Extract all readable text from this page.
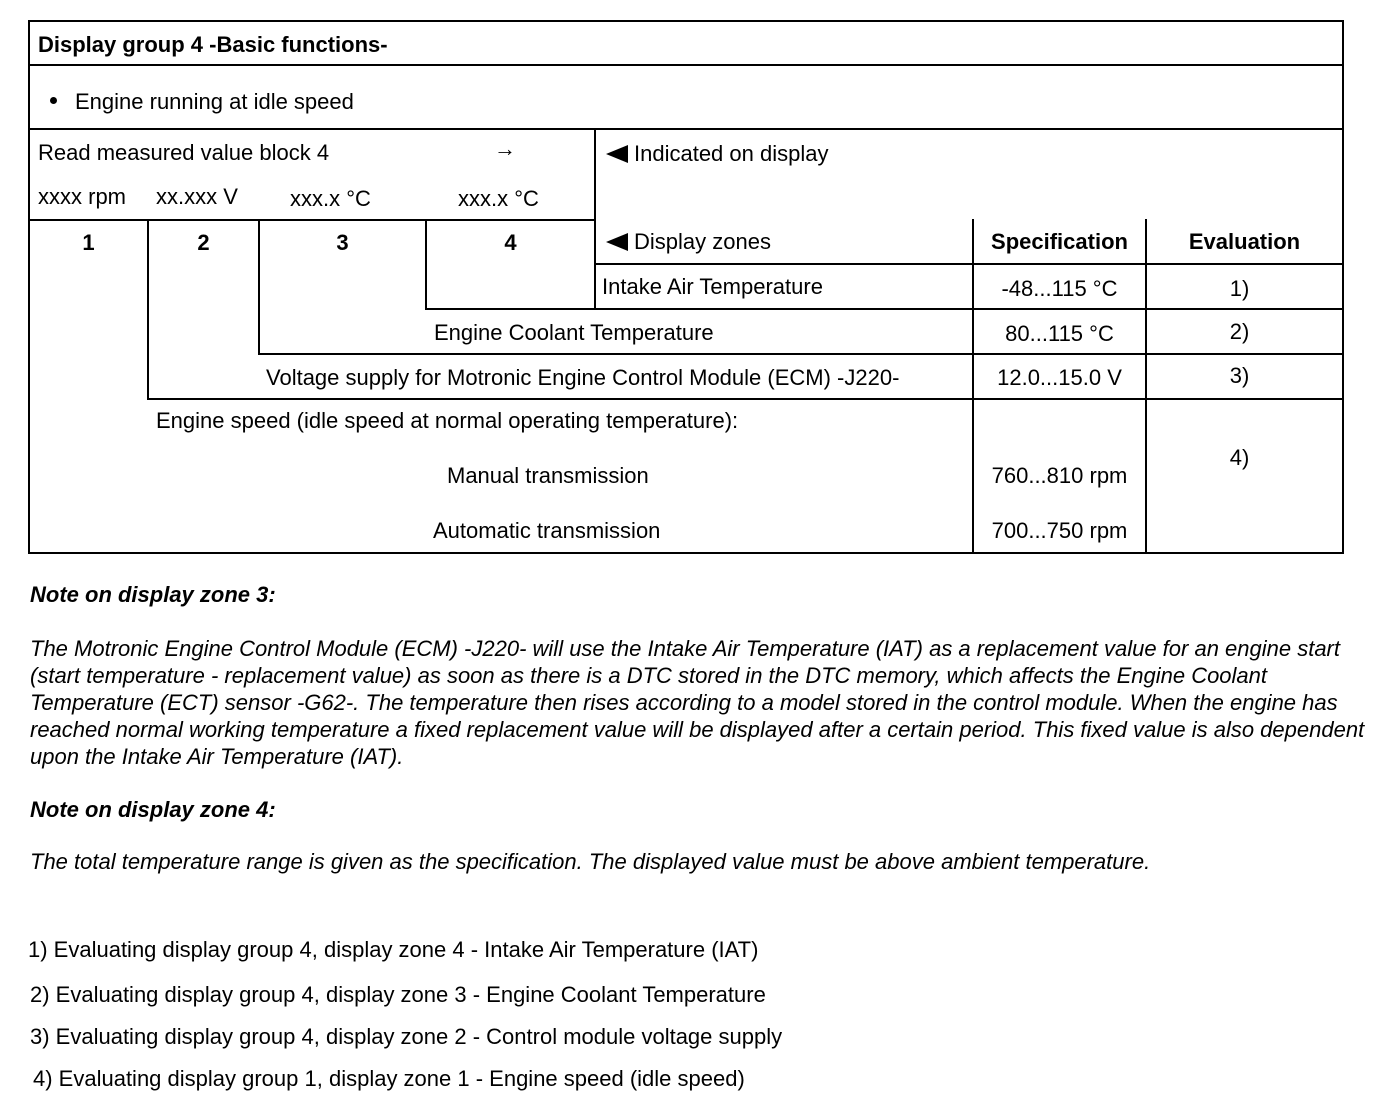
Display group 4 -Basic functions-
Engine running at idle speed
Read measured value block 4	→	Indicated on display
xxxx rpm xx.xxx V xxx.x °C	xxx.x °C
1	2	3	4	Display zones	Specification	Evaluation
Intake Air Temperature	-48...115 °C	1)
Engine Coolant Temperature	80...115 °C	2)
Voltage supply for Motronic Engine Control Module (ECM) -J220-	12.0...15.0 V	3)
Engine speed (idle speed at normal operating temperature):
Manual transmission	760...810 rpm
Automatic transmission	700...750 rpm
4)
Note on display zone 3:
The Motronic Engine Control Module (ECM) -J220- will use the Intake Air Temperature (IAT) as a replacement value for an engine start (start temperature - replacement value) as soon as there is a DTC stored in the DTC memory, which affects the Engine Coolant Temperature (ECT) sensor -G62-. The temperature then rises according to a model stored in the control module. When the engine has reached normal working temperature a fixed replacement value will be displayed after a certain period. This fixed value is also dependent upon the Intake Air Temperature (IAT).
Note on display zone 4:
The total temperature range is given as the specification. The displayed value must be above ambient temperature.
1) Evaluating display group 4, display zone 4 - Intake Air Temperature (IAT)
2) Evaluating display group 4, display zone 3 - Engine Coolant Temperature
3) Evaluating display group 4, display zone 2 - Control module voltage supply
4) Evaluating display group 1, display zone 1 - Engine speed (idle speed)
